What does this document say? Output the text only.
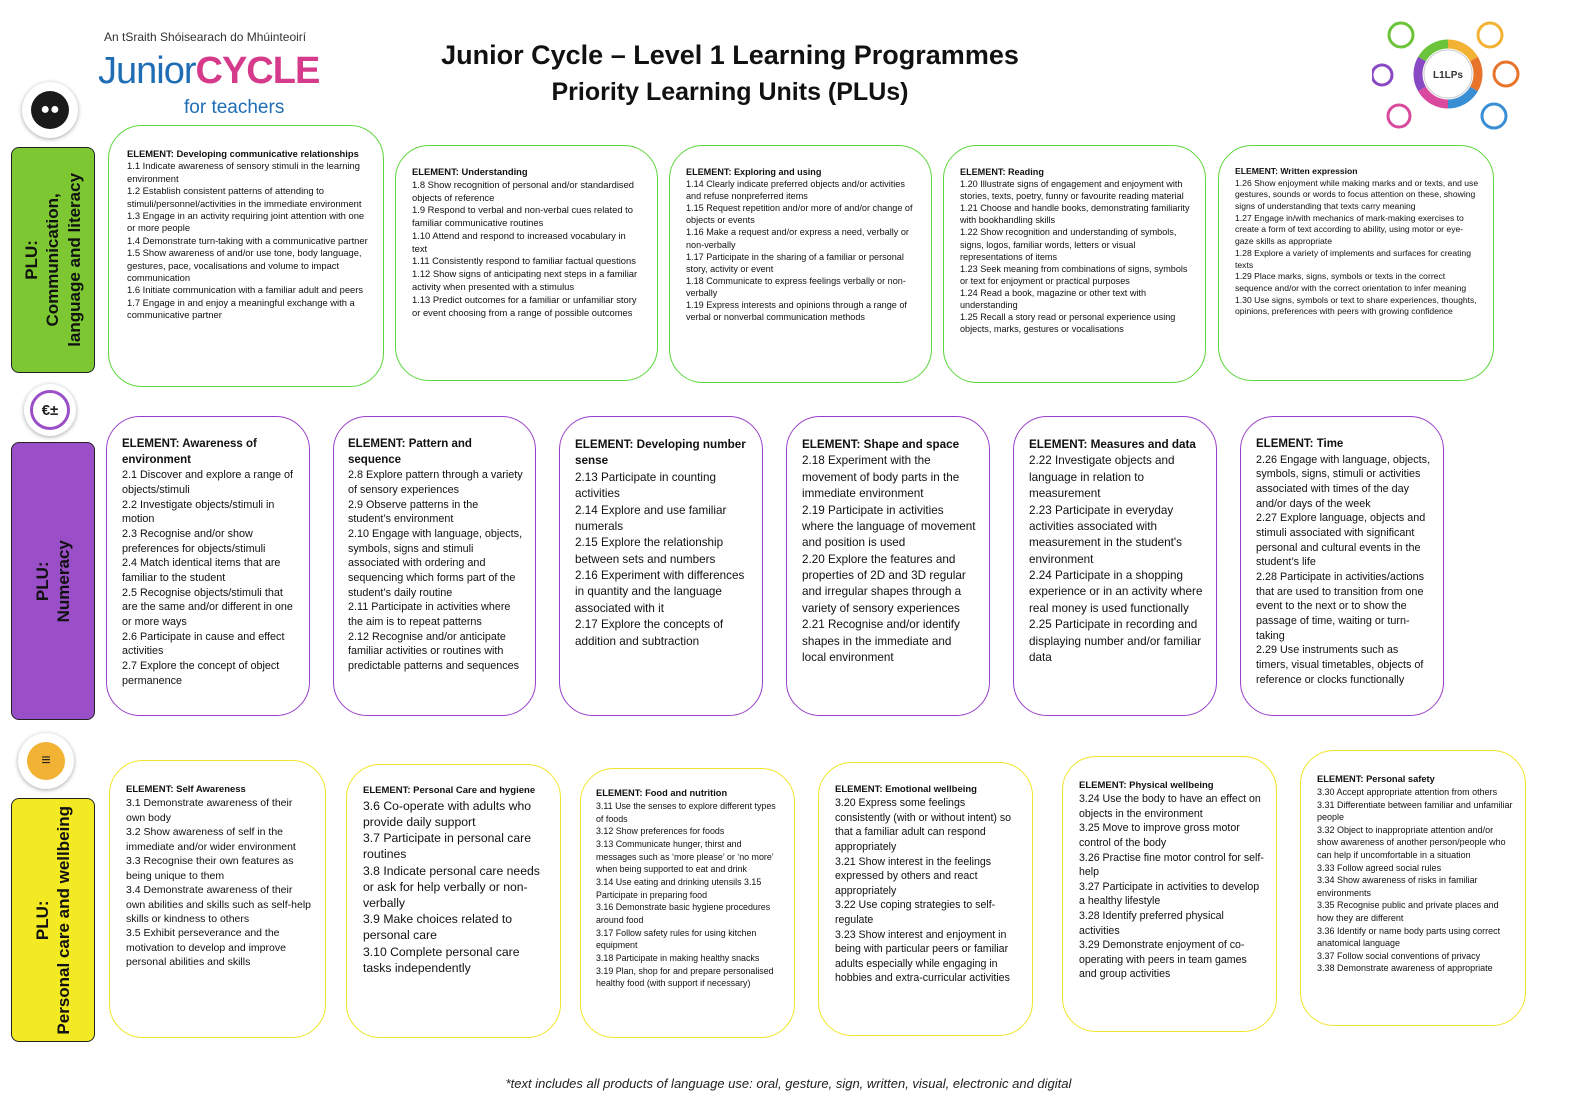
An tSraith Shóisearach do Mhúinteoirí
JuniorCYCLE
for teachers
Junior Cycle – Level 1 Learning Programmes
Priority Learning Units (PLUs)
L1LPs
●●
PLU: Communication, language and literacy
€±
PLU: Numeracy
≡
PLU: Personal care and wellbeing
ELEMENT: Developing communicative relationships
1.1 Indicate awareness of sensory stimuli in the learning environment
1.2 Establish consistent patterns of attending to stimuli/personnel/activities in the immediate environment
1.3 Engage in an activity requiring joint attention with one or more people
1.4 Demonstrate turn-taking with a communicative partner
1.5 Show awareness of and/or use tone, body language, gestures, pace, vocalisations and volume to impact communication
1.6 Initiate communication with a familiar adult and peers
1.7 Engage in and enjoy a meaningful exchange with a communicative partner
ELEMENT: Understanding
1.8 Show recognition of personal and/or standardised objects of reference
1.9 Respond to verbal and non-verbal cues related to familiar communicative routines
1.10 Attend and respond to increased vocabulary in text
1.11 Consistently respond to familiar factual questions
1.12 Show signs of anticipating next steps in a familiar activity when presented with a stimulus
1.13 Predict outcomes for a familiar or unfamiliar story or event choosing from a range of possible outcomes
ELEMENT: Exploring and using
1.14 Clearly indicate preferred objects and/or activities and refuse nonpreferred items
1.15 Request repetition and/or more of and/or change of objects or events
1.16 Make a request and/or express a need, verbally or non-verbally
1.17 Participate in the sharing of a familiar or personal story, activity or event
1.18 Communicate to express feelings verbally or non-verbally
1.19 Express interests and opinions through a range of verbal or nonverbal communication methods
ELEMENT: Reading
1.20 Illustrate signs of engagement and enjoyment with stories, texts, poetry, funny or favourite reading material
1.21 Choose and handle books, demonstrating familiarity with bookhandling skills
1.22 Show recognition and understanding of symbols, signs, logos, familiar words, letters or visual representations of items
1.23 Seek meaning from combinations of signs, symbols or text for enjoyment or practical purposes
1.24 Read a book, magazine or other text with understanding
1.25 Recall a story read or personal experience using objects, marks, gestures or vocalisations
ELEMENT: Written expression
1.26 Show enjoyment while making marks and or texts, and use gestures, sounds or words to focus attention on these, showing signs of understanding that texts carry meaning
1.27 Engage in/with mechanics of mark-making exercises to create a form of text according to ability, using motor or eye-gaze skills as appropriate
1.28 Explore a variety of implements and surfaces for creating texts
1.29 Place marks, signs, symbols or texts in the correct sequence and/or with the correct orientation to infer meaning
1.30 Use signs, symbols or text to share experiences, thoughts, opinions, preferences with peers with growing confidence
ELEMENT: Awareness of environment
2.1 Discover and explore a range of objects/stimuli
2.2 Investigate objects/stimuli in motion
2.3 Recognise and/or show preferences for objects/stimuli
2.4 Match identical items that are familiar to the student
2.5 Recognise objects/stimuli that are the same and/or different in one or more ways
2.6 Participate in cause and effect activities
2.7 Explore the concept of object permanence
ELEMENT: Pattern and sequence
2.8 Explore pattern through a variety of sensory experiences
2.9 Observe patterns in the student’s environment
2.10 Engage with language, objects, symbols, signs and stimuli associated with ordering and sequencing which forms part of the student’s daily routine
2.11 Participate in activities where the aim is to repeat patterns
2.12 Recognise and/or anticipate familiar activities or routines with predictable patterns and sequences
ELEMENT: Developing number sense
2.13 Participate in counting activities
2.14 Explore and use familiar numerals
2.15 Explore the relationship between sets and numbers
2.16 Experiment with differences in quantity and the language associated with it
2.17 Explore the concepts of addition and subtraction
ELEMENT: Shape and space
2.18 Experiment with the movement of body parts in the immediate environment
2.19 Participate in activities where the language of movement and position is used
2.20 Explore the features and properties of 2D and 3D regular and irregular shapes through a variety of sensory experiences
2.21 Recognise and/or identify shapes in the immediate and local environment
ELEMENT: Measures and data
2.22 Investigate objects and language in relation to measurement
2.23 Participate in everyday activities associated with measurement in the student's environment
2.24 Participate in a shopping experience or in an activity where real money is used functionally
2.25 Participate in recording and displaying number and/or familiar data
ELEMENT: Time
2.26 Engage with language, objects, symbols, signs, stimuli or activities associated with times of the day and/or days of the week
2.27 Explore language, objects and stimuli associated with significant personal and cultural events in the student’s life
2.28 Participate in activities/actions that are used to transition from one event to the next or to show the passage of time, waiting or turn-taking
2.29 Use instruments such as timers, visual timetables, objects of reference or clocks functionally
ELEMENT: Self Awareness
3.1 Demonstrate awareness of their own body
3.2 Show awareness of self in the immediate and/or wider environment
3.3 Recognise their own features as being unique to them
3.4 Demonstrate awareness of their own abilities and skills such as self-help skills or kindness to others
3.5 Exhibit perseverance and the motivation to develop and improve personal abilities and skills
ELEMENT: Personal Care and hygiene
3.6 Co-operate with adults who provide daily support
3.7 Participate in personal care routines
3.8 Indicate personal care needs or ask for help verbally or non-verbally
3.9 Make choices related to personal care
3.10 Complete personal care tasks independently
ELEMENT: Food and nutrition
3.11 Use the senses to explore different types of foods
3.12 Show preferences for foods
3.13 Communicate hunger, thirst and messages such as ‘more please’ or ‘no more’ when being supported to eat and drink
3.14 Use eating and drinking utensils 3.15 Participate in preparing food
3.16 Demonstrate basic hygiene procedures around food
3.17 Follow safety rules for using kitchen equipment
3.18 Participate in making healthy snacks
3.19 Plan, shop for and prepare personalised healthy food (with support if necessary)
ELEMENT: Emotional wellbeing
3.20 Express some feelings consistently (with or without intent) so that a familiar adult can respond appropriately
3.21 Show interest in the feelings expressed by others and react appropriately
3.22 Use coping strategies to self-regulate
3.23 Show interest and enjoyment in being with particular peers or familiar adults especially while engaging in hobbies and extra-curricular activities
ELEMENT: Physical wellbeing
3.24 Use the body to have an effect on objects in the environment
3.25 Move to improve gross motor control of the body
3.26 Practise fine motor control for self-help
3.27 Participate in activities to develop a healthy lifestyle
3.28 Identify preferred physical activities
3.29 Demonstrate enjoyment of co-operating with peers in team games and group activities
ELEMENT: Personal safety
3.30 Accept appropriate attention from others
3.31 Differentiate between familiar and unfamiliar people
3.32 Object to inappropriate attention and/or show awareness of another person/people who can help if uncomfortable in a situation
3.33 Follow agreed social rules
3.34 Show awareness of risks in familiar environments
3.35 Recognise public and private places and how they are different
3.36 Identify or name body parts using correct anatomical language
3.37 Follow social conventions of privacy
3.38 Demonstrate awareness of appropriate
*text includes all products of language use: oral, gesture, sign, written, visual, electronic and digital
